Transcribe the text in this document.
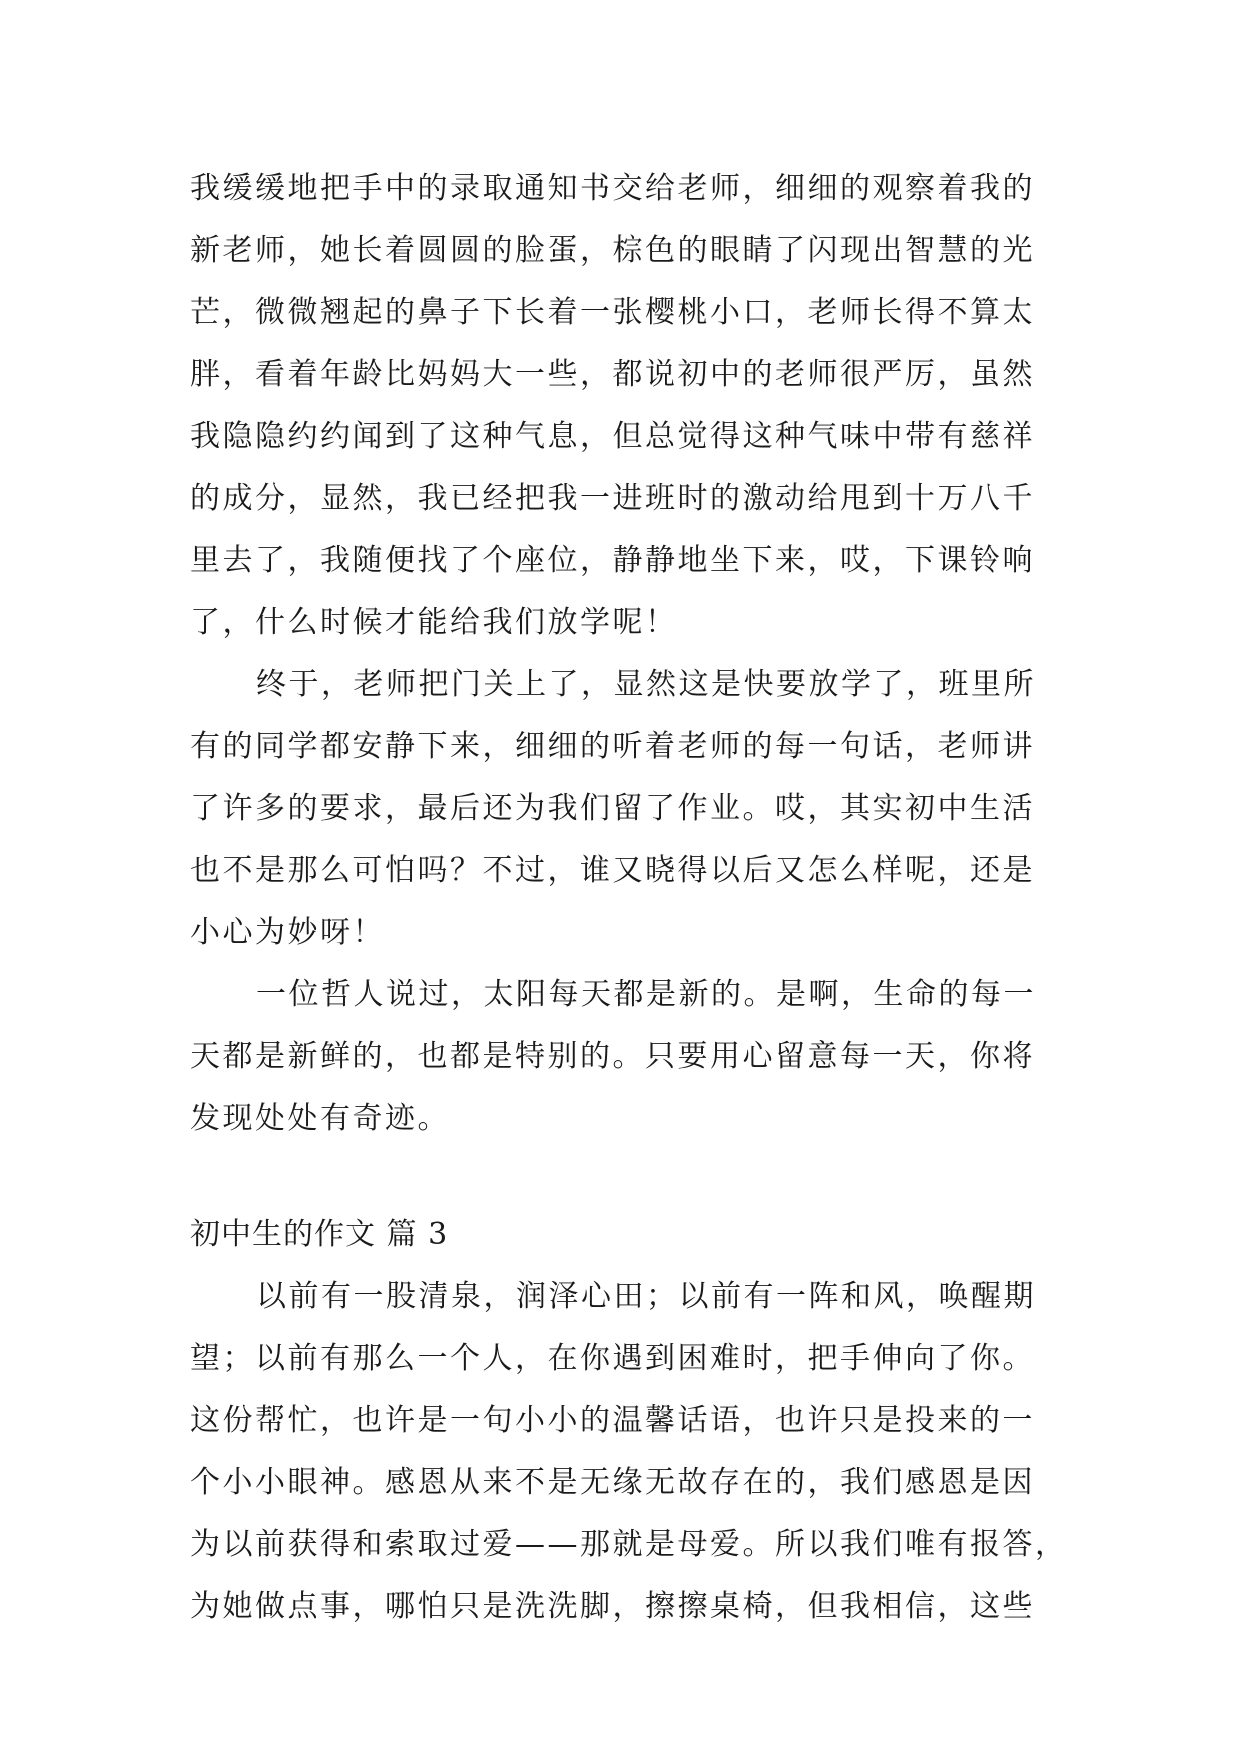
我缓缓地把手中的录取通知书交给老师，细细的观察着我的
新老师，她长着圆圆的脸蛋，棕色的眼睛了闪现出智慧的光
芒，微微翘起的鼻子下长着一张樱桃小口，老师长得不算太
胖，看着年龄比妈妈大一些，都说初中的老师很严厉，虽然
我隐隐约约闻到了这种气息，但总觉得这种气味中带有慈祥
的成分，显然，我已经把我一进班时的激动给甩到十万八千
里去了，我随便找了个座位，静静地坐下来，哎，下课铃响
了，什么时候才能给我们放学呢！
终于，老师把门关上了，显然这是快要放学了，班里所
有的同学都安静下来，细细的听着老师的每一句话，老师讲
了许多的要求，最后还为我们留了作业。哎，其实初中生活
也不是那么可怕吗？不过，谁又晓得以后又怎么样呢，还是
小心为妙呀！
一位哲人说过，太阳每天都是新的。是啊，生命的每一
天都是新鲜的，也都是特别的。只要用心留意每一天，你将
发现处处有奇迹。
初中生的作文 篇 3
以前有一股清泉，润泽心田；以前有一阵和风，唤醒期
望；以前有那么一个人，在你遇到困难时，把手伸向了你。
这份帮忙，也许是一句小小的温馨话语，也许只是投来的一
个小小眼神。感恩从来不是无缘无故存在的，我们感恩是因
为以前获得和索取过爱——那就是母爱。所以我们唯有报答，
为她做点事，哪怕只是洗洗脚，擦擦桌椅，但我相信，这些
